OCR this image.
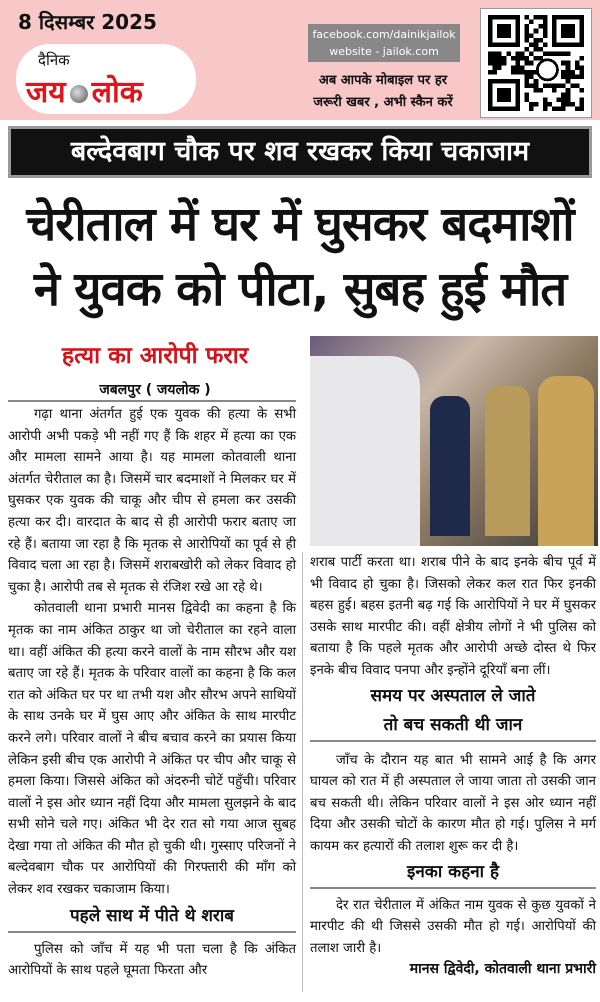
8 दिसम्बर 2025
दैनिक
जय लोक
facebook.com/dainikjailok
website - jailok.com
अब आपके मोबाइल पर हर
जरूरी खबर , अभी स्कैन करें
बल्देवबाग चौक पर शव रखकर किया चकाजाम
चेरीताल में घर में घुसकर बदमाशों
ने युवक को पीटा, सुबह हुई मौत
हत्या का आरोपी फरार
जबलपुर ( जयलोक )

गढ़ा थाना अंतर्गत हुई एक युवक की हत्या के सभी आरोपी अभी पकड़े भी नहीं गए हैं कि शहर में हत्या का एक और मामला सामने आया है। यह मामला कोतवाली थाना अंतर्गत चेरीताल का है। जिसमें चार बदमाशों ने मिलकर घर में घुसकर एक युवक की चाकू और चीप से हमला कर उसकी हत्या कर दी। वारदात के बाद से ही आरोपी फरार बताए जा रहे हैं। बताया जा रहा है कि मृतक से आरोपियों का पूर्व से ही विवाद चला आ रहा है। जिसमें शराबखोरी को लेकर विवाद हो चुका है। आरोपी तब से मृतक से रंजिश रखे आ रहे थे।

कोतवाली थाना प्रभारी मानस द्विवेदी का कहना है कि मृतक का नाम अंकित ठाकुर था जो चेरीताल का रहने वाला था। वहीं अंकित की हत्या करने वालों के नाम सौरभ और यश बताए जा रहे हैं। मृतक के परिवार वालों का कहना है कि कल रात को अंकित घर पर था तभी यश और सौरभ अपने साथियों के साथ उनके घर में घुस आए और अंकित के साथ मारपीट करने लगे। परिवार वालों ने बीच बचाव करने का प्रयास किया लेकिन इसी बीच एक आरोपी ने अंकित पर चीप और चाकू से हमला किया। जिससे अंकित को अंदरुनी चोटें पहुँची। परिवार वालों ने इस ओर ध्यान नहीं दिया और मामला सुलझने के बाद सभी सोने चले गए। अंकित भी देर रात सो गया आज सुबह देखा गया तो अंकित की मौत हो चुकी थी। गुस्साए परिजनों ने बल्देवबाग चौक पर आरोपियों की गिरफ्तारी की माँग को लेकर शव रखकर चकाजाम किया।

पहले साथ में पीते थे शराब

पुलिस को जाँच में यह भी पता चला है कि अंकित आरोपियों के साथ पहले घूमता फिरता और

शराब पार्टी करता था। शराब पीने के बाद इनके बीच पूर्व में भी विवाद हो चुका है। जिसको लेकर कल रात फिर इनकी बहस हुई। बहस इतनी बढ़ गई कि आरोपियों ने घर में घुसकर उसके साथ मारपीट की। वहीं क्षेत्रीय लोगों ने भी पुलिस को बताया है कि पहले मृतक और आरोपी अच्छे दोस्त थे फिर इनके बीच विवाद पनपा और इन्होंने दूरियाँ बना लीं।

समय पर अस्पताल ले जाते
तो बच सकती थी जान

जाँच के दौरान यह बात भी सामने आई है कि अगर घायल को रात में ही अस्पताल ले जाया जाता तो उसकी जान बच सकती थी। लेकिन परिवार वालों ने इस ओर ध्यान नहीं दिया और उसकी चोटों के कारण मौत हो गई। पुलिस ने मर्ग कायम कर हत्यारों की तलाश शुरू कर दी है।

इनका कहना है

देर रात चेरीताल में अंकित नाम युवक से कुछ युवकों ने मारपीट की थी जिससे उसकी मौत हो गई। आरोपियों की तलाश जारी है।

मानस द्विवेदी, कोतवाली थाना प्रभारी
